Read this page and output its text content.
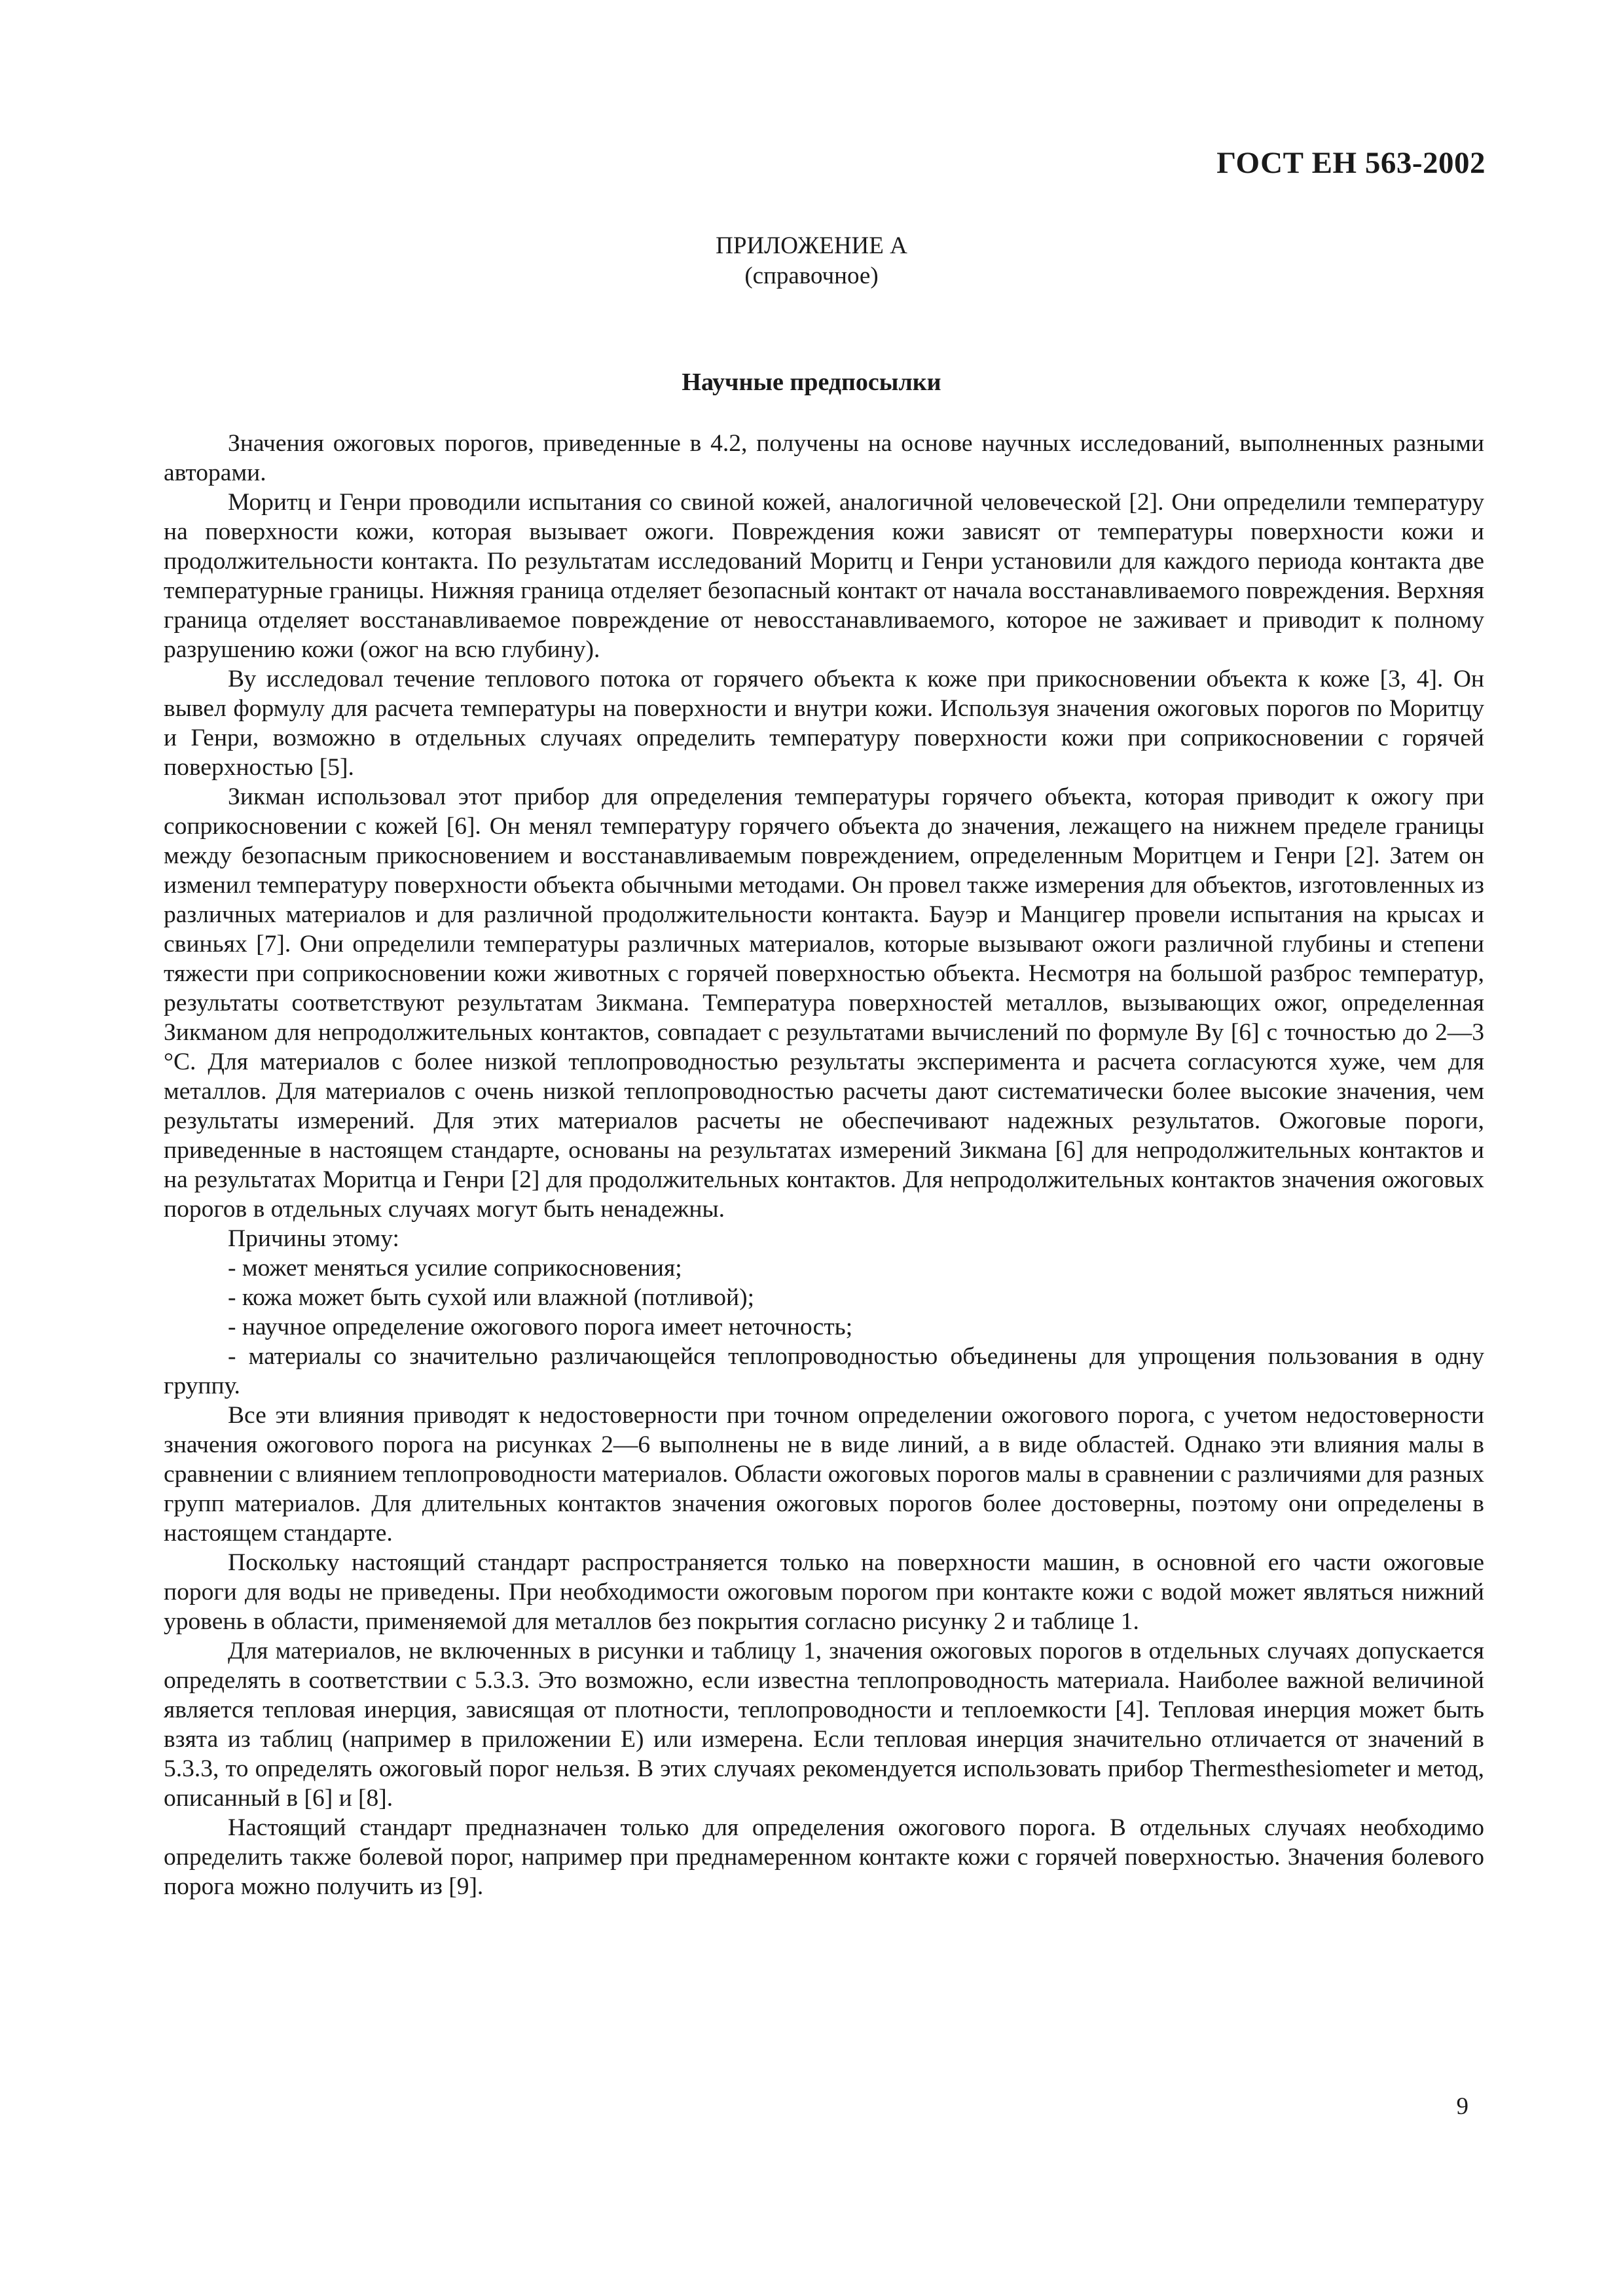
ГОСТ ЕН 563-2002
ПРИЛОЖЕНИЕ А
(справочное)
Научные предпосылки

Значения ожоговых порогов, приведенные в 4.2, получены на основе научных исследований, выполненных разными авторами.

Моритц и Генри проводили испытания со свиной кожей, аналогичной человеческой [2]. Они определили температуру на поверхности кожи, которая вызывает ожоги. Повреждения кожи зависят от температуры поверхности кожи и продолжительности контакта. По результатам исследований Моритц и Генри установили для каждого периода контакта две температурные границы. Нижняя граница отделяет безопасный контакт от начала восстанавливаемого повреждения. Верхняя граница отделяет восстанавливаемое повреждение от невосстанавливаемого, которое не заживает и приводит к полному разрушению кожи (ожог на всю глубину).

Ву исследовал течение теплового потока от горячего объекта к коже при прикосновении объекта к коже [3, 4]. Он вывел формулу для расчета температуры на поверхности и внутри кожи. Используя значения ожоговых порогов по Моритцу и Генри, возможно в отдельных случаях определить температуру поверхности кожи при соприкосновении с горячей поверхностью [5].

Зикман использовал этот прибор для определения температуры горячего объекта, которая приводит к ожогу при соприкосновении с кожей [6]. Он менял температуру горячего объекта до значения, лежащего на нижнем пределе границы между безопасным прикосновением и восстанавливаемым повреждением, определенным Моритцем и Генри [2]. Затем он изменил температуру поверхности объекта обычными методами. Он провел также измерения для объектов, изготовленных из различных материалов и для различной продолжительности контакта. Бауэр и Манцигер провели испытания на крысах и свиньях [7]. Они определили температуры различных материалов, которые вызывают ожоги различной глубины и степени тяжести при соприкосновении кожи животных с горячей поверхностью объекта. Несмотря на большой разброс температур, результаты соответствуют результатам Зикмана. Температура поверхностей металлов, вызывающих ожог, определенная Зикманом для непродолжительных контактов, совпадает с результатами вычислений по формуле Ву [6] с точностью до 2—3 °С. Для материалов с более низкой теплопроводностью результаты эксперимента и расчета согласуются хуже, чем для металлов. Для материалов с очень низкой теплопроводностью расчеты дают систематически более высокие значения, чем результаты измерений. Для этих материалов расчеты не обеспечивают надежных результатов. Ожоговые пороги, приведенные в настоящем стандарте, основаны на результатах измерений Зикмана [6] для непродолжительных контактов и на результатах Моритца и Генри [2] для продолжительных контактов. Для непродолжительных контактов значения ожоговых порогов в отдельных случаях могут быть ненадежны.

Причины этому:

- может меняться усилие соприкосновения;
- кожа может быть сухой или влажной (потливой);
- научное определение ожогового порога имеет неточность;
- материалы со значительно различающейся теплопроводностью объединены для упрощения пользования в одну группу.

Все эти влияния приводят к недостоверности при точном определении ожогового порога, с учетом недостоверности значения ожогового порога на рисунках 2—6 выполнены не в виде линий, а в виде областей. Однако эти влияния малы в сравнении с влиянием теплопроводности материалов. Области ожоговых порогов малы в сравнении с различиями для разных групп материалов. Для длительных контактов значения ожоговых порогов более достоверны, поэтому они определены в настоящем стандарте.

Поскольку настоящий стандарт распространяется только на поверхности машин, в основной его части ожоговые пороги для воды не приведены. При необходимости ожоговым порогом при контакте кожи с водой может являться нижний уровень в области, применяемой для металлов без покрытия согласно рисунку 2 и таблице 1.

Для материалов, не включенных в рисунки и таблицу 1, значения ожоговых порогов в отдельных случаях допускается определять в соответствии с 5.3.3. Это возможно, если известна теплопроводность материала. Наиболее важной величиной является тепловая инерция, зависящая от плотности, теплопроводности и теплоемкости [4]. Тепловая инерция может быть взята из таблиц (например в приложении Е) или измерена. Если тепловая инерция значительно отличается от значений в 5.3.3, то определять ожоговый порог нельзя. В этих случаях рекомендуется использовать прибор Thermesthesiometer и метод, описанный в [6] и [8].

Настоящий стандарт предназначен только для определения ожогового порога. В отдельных случаях необходимо определить также болевой порог, например при преднамеренном контакте кожи с горячей поверхностью. Значения болевого порога можно получить из [9].

9
